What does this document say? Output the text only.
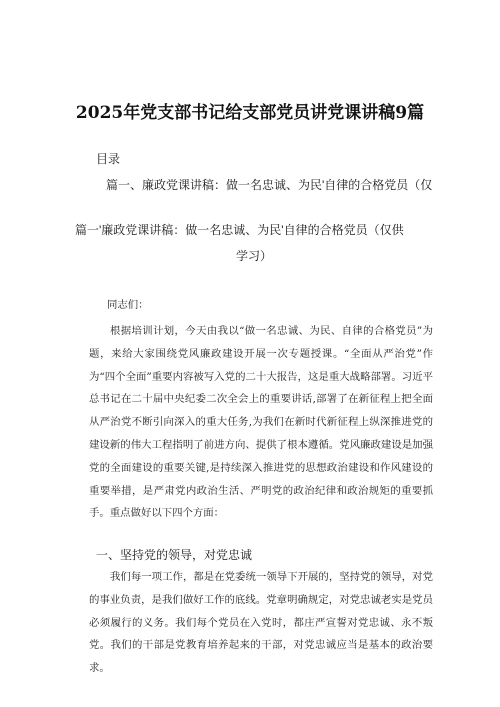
2025年党支部书记给支部党员讲党课讲稿9篇
目录
篇一、廉政党课讲稿：做一名忠诚、为民'自律的合格党员（仅
篇一'廉政党课讲稿：做一名忠诚、为民'自律的合格党员（仅供
学习）
同志们：
根据培训计划，今天由我以“做一名忠诚、为民、自律的合格党员”为题，来给大家围绕党风廉政建设开展一次专题授课。“全面从严治党”作为“四个全面”重要内容被写入党的二十大报告，这是重大战略部署。习近平总书记在二十届中央纪委二次全会上的重要讲话,部署了在新征程上把全面从严治党不断引向深入的重大任务,为我们在新时代新征程上纵深推进党的建设新的伟大工程指明了前进方向、提供了根本遵循。党风廉政建设是加强党的全面建设的重要关键,是持续深入推进党的思想政治建设和作风建设的重要举措，是严肃党内政治生活、严明党的政治纪律和政治规矩的重要抓手。重点做好以下四个方面：
一、坚持党的领导，对党忠诚
我们每一项工作，都是在党委统一领导下开展的，坚持党的领导，对党的事业负责，是我们做好工作的底线。党章明确规定，对党忠诚老实是党员必须履行的义务。我们每个党员在入党时，都庄严宣誓对党忠诚、永不叛党。我们的干部是党教育培养起来的干部，对党忠诚应当是基本的政治要求。
